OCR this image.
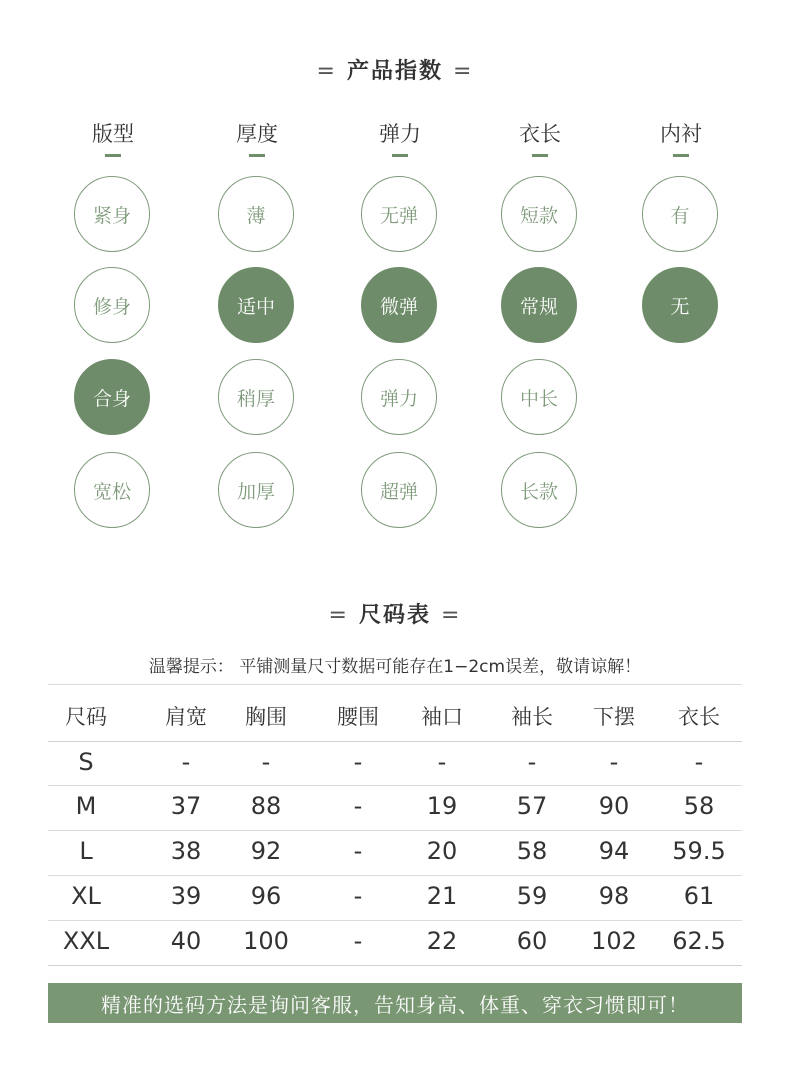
= 产品指数 =
版型
紧身
修身
合身
宽松
厚度
薄
适中
稍厚
加厚
弹力
无弹
微弹
弹力
超弹
衣长
短款
常规
中长
长款
内衬
有
无
= 尺码表 =
温馨提示： 平铺测量尺寸数据可能存在1−2cm误差，敬请谅解！
尺码	肩宽 胸围 腰围 袖口 袖长 下摆 衣长
S	-	-	-	-	-	-	-
M	37 88	-	19 57 90 58
L	38 92	-	20 58 94 59.5
XL	39 96	-	21 59 98 61
XXL	40 100	-	22 60 102 62.5
精准的选码方法是询问客服，告知身高、体重、穿衣习惯即可！
